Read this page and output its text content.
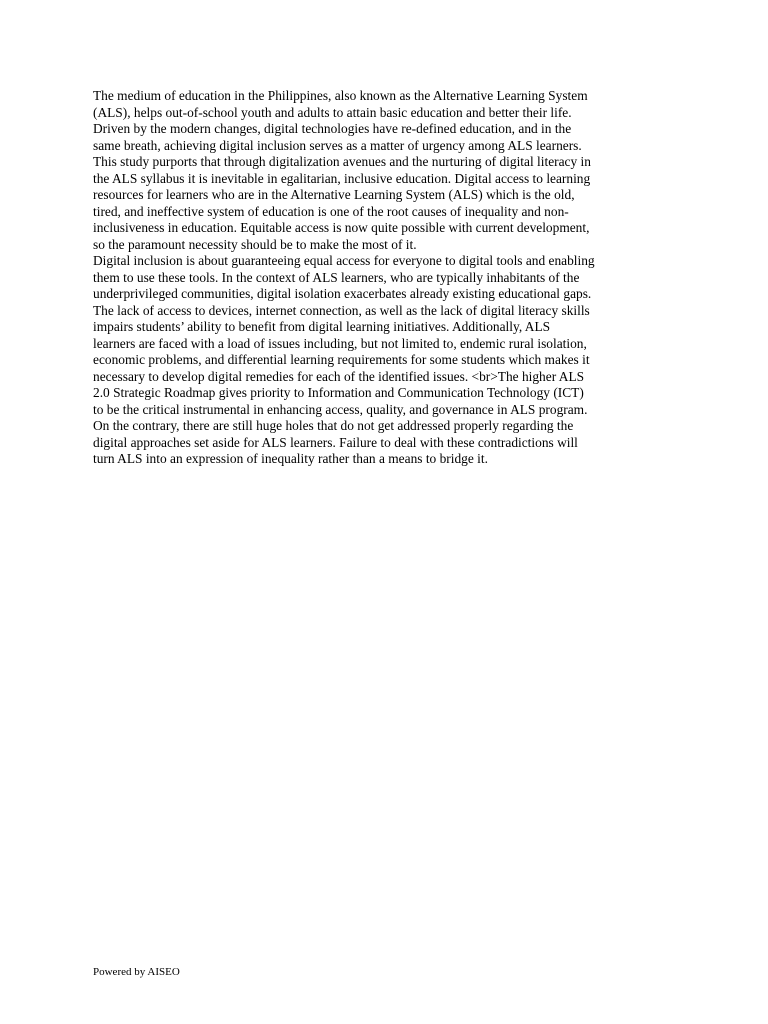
The medium of education in the Philippines, also known as the Alternative Learning System
(ALS), helps out-of-school youth and adults to attain basic education and better their life.
Driven by the modern changes, digital technologies have re-defined education, and in the
same breath, achieving digital inclusion serves as a matter of urgency among ALS learners.
This study purports that through digitalization avenues and the nurturing of digital literacy in
the ALS syllabus it is inevitable in egalitarian, inclusive education. Digital access to learning
resources for learners who are in the Alternative Learning System (ALS) which is the old,
tired, and ineffective system of education is one of the root causes of inequality and non-
inclusiveness in education. Equitable access is now quite possible with current development,
so the paramount necessity should be to make the most of it.

Digital inclusion is about guaranteeing equal access for everyone to digital tools and enabling
them to use these tools. In the context of ALS learners, who are typically inhabitants of the
underprivileged communities, digital isolation exacerbates already existing educational gaps.
The lack of access to devices, internet connection, as well as the lack of digital literacy skills
impairs students’ ability to benefit from digital learning initiatives. Additionally, ALS
learners are faced with a load of issues including, but not limited to, endemic rural isolation,
economic problems, and differential learning requirements for some students which makes it
necessary to develop digital remedies for each of the identified issues. <br>The higher ALS
2.0 Strategic Roadmap gives priority to Information and Communication Technology (ICT)
to be the critical instrumental in enhancing access, quality, and governance in ALS program.
On the contrary, there are still huge holes that do not get addressed properly regarding the
digital approaches set aside for ALS learners. Failure to deal with these contradictions will
turn ALS into an expression of inequality rather than a means to bridge it.

Powered by AISEO
